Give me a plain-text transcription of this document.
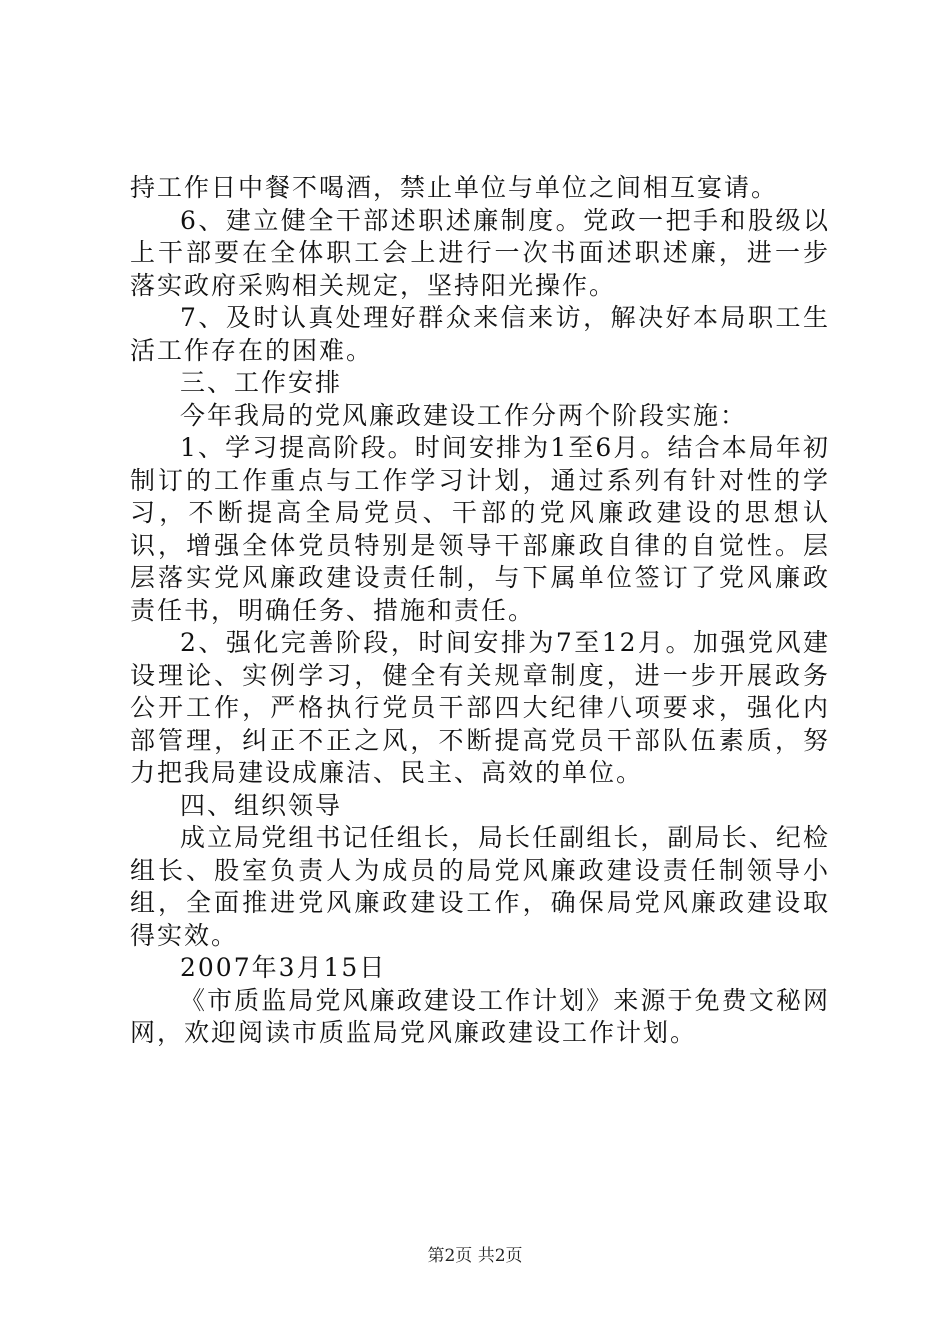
持工作日中餐不喝酒，禁止单位与单位之间相互宴请。

6、建立健全干部述职述廉制度。党政一把手和股级以上干部要在全体职工会上进行一次书面述职述廉，进一步落实政府采购相关规定，坚持阳光操作。

7、及时认真处理好群众来信来访，解决好本局职工生活工作存在的困难。

三、工作安排

今年我局的党风廉政建设工作分两个阶段实施：

1、学习提高阶段。时间安排为1至6月。结合本局年初制订的工作重点与工作学习计划，通过系列有针对性的学习，不断提高全局党员、干部的党风廉政建设的思想认识，增强全体党员特别是领导干部廉政自律的自觉性。层层落实党风廉政建设责任制，与下属单位签订了党风廉政责任书，明确任务、措施和责任。

2、强化完善阶段，时间安排为7至12月。加强党风建设理论、实例学习，健全有关规章制度，进一步开展政务公开工作，严格执行党员干部四大纪律八项要求，强化内部管理，纠正不正之风，不断提高党员干部队伍素质，努力把我局建设成廉洁、民主、高效的单位。

四、组织领导

成立局党组书记任组长，局长任副组长，副局长、纪检组长、股室负责人为成员的局党风廉政建设责任制领导小组，全面推进党风廉政建设工作，确保局党风廉政建设取得实效。

2007年3月15日

《市质监局党风廉政建设工作计划》来源于免费文秘网网，欢迎阅读市质监局党风廉政建设工作计划。

第2页 共2页
